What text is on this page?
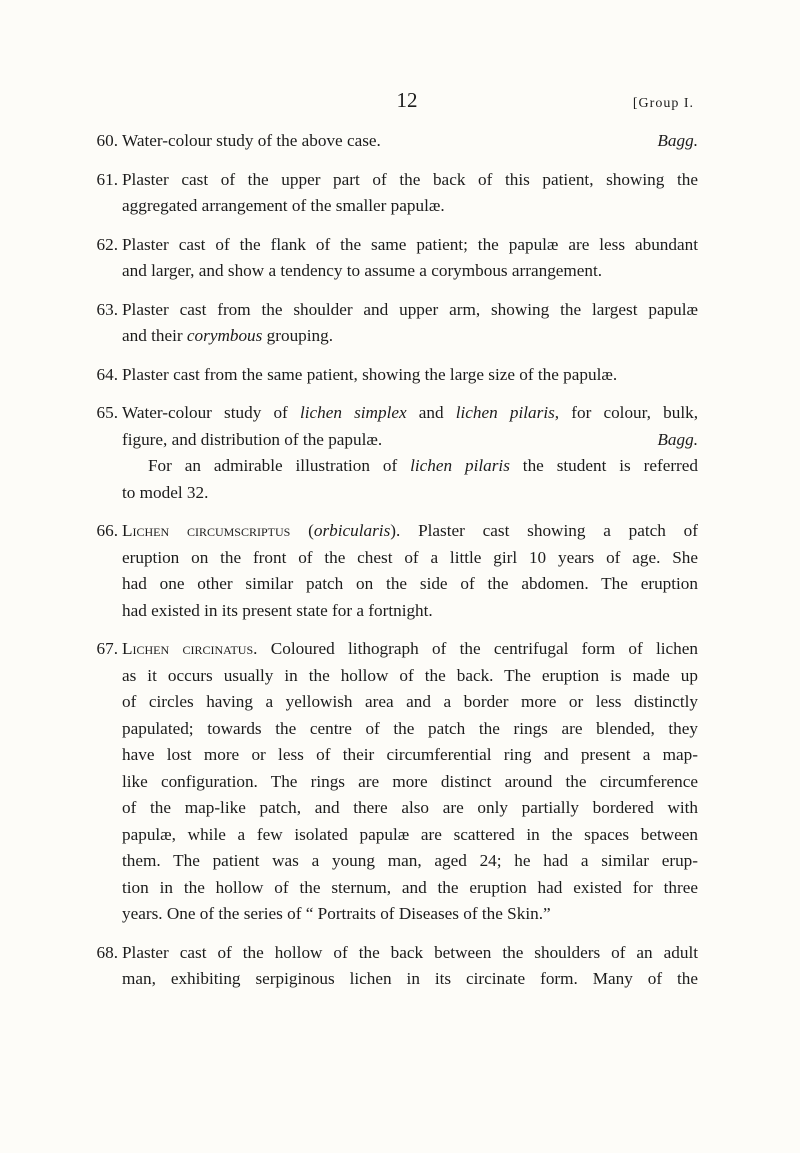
12	[Group I.
60. Water-colour study of the above case.	Bagg.
61. Plaster cast of the upper part of the back of this patient, showing the
aggregated arrangement of the smaller papulæ.
62. Plaster cast of the flank of the same patient; the papulæ are less abundant
and larger, and show a tendency to assume a corymbous arrangement.
63. Plaster cast from the shoulder and upper arm, showing the largest papulæ
and their corymbous grouping.
64. Plaster cast from the same patient, showing the large size of the papulæ.
65. Water-colour study of lichen simplex and lichen pilaris, for colour, bulk,
figure, and distribution of the papulæ.	Bagg.
For an admirable illustration of lichen pilaris the student is referred
to model 32.
66. Lichen circumscriptus (orbicularis). Plaster cast showing a patch of
eruption on the front of the chest of a little girl 10 years of age. She
had one other similar patch on the side of the abdomen. The eruption
had existed in its present state for a fortnight.
67. Lichen circinatus. Coloured lithograph of the centrifugal form of lichen
as it occurs usually in the hollow of the back. The eruption is made up
of circles having a yellowish area and a border more or less distinctly
papulated; towards the centre of the patch the rings are blended, they
have lost more or less of their circumferential ring and present a map-
like configuration. The rings are more distinct around the circumference
of the map-like patch, and there also are only partially bordered with
papulæ, while a few isolated papulæ are scattered in the spaces between
them. The patient was a young man, aged 24; he had a similar erup-
tion in the hollow of the sternum, and the eruption had existed for three
years. One of the series of “ Portraits of Diseases of the Skin.”
68. Plaster cast of the hollow of the back between the shoulders of an adult
man, exhibiting serpiginous lichen in its circinate form. Many of the
